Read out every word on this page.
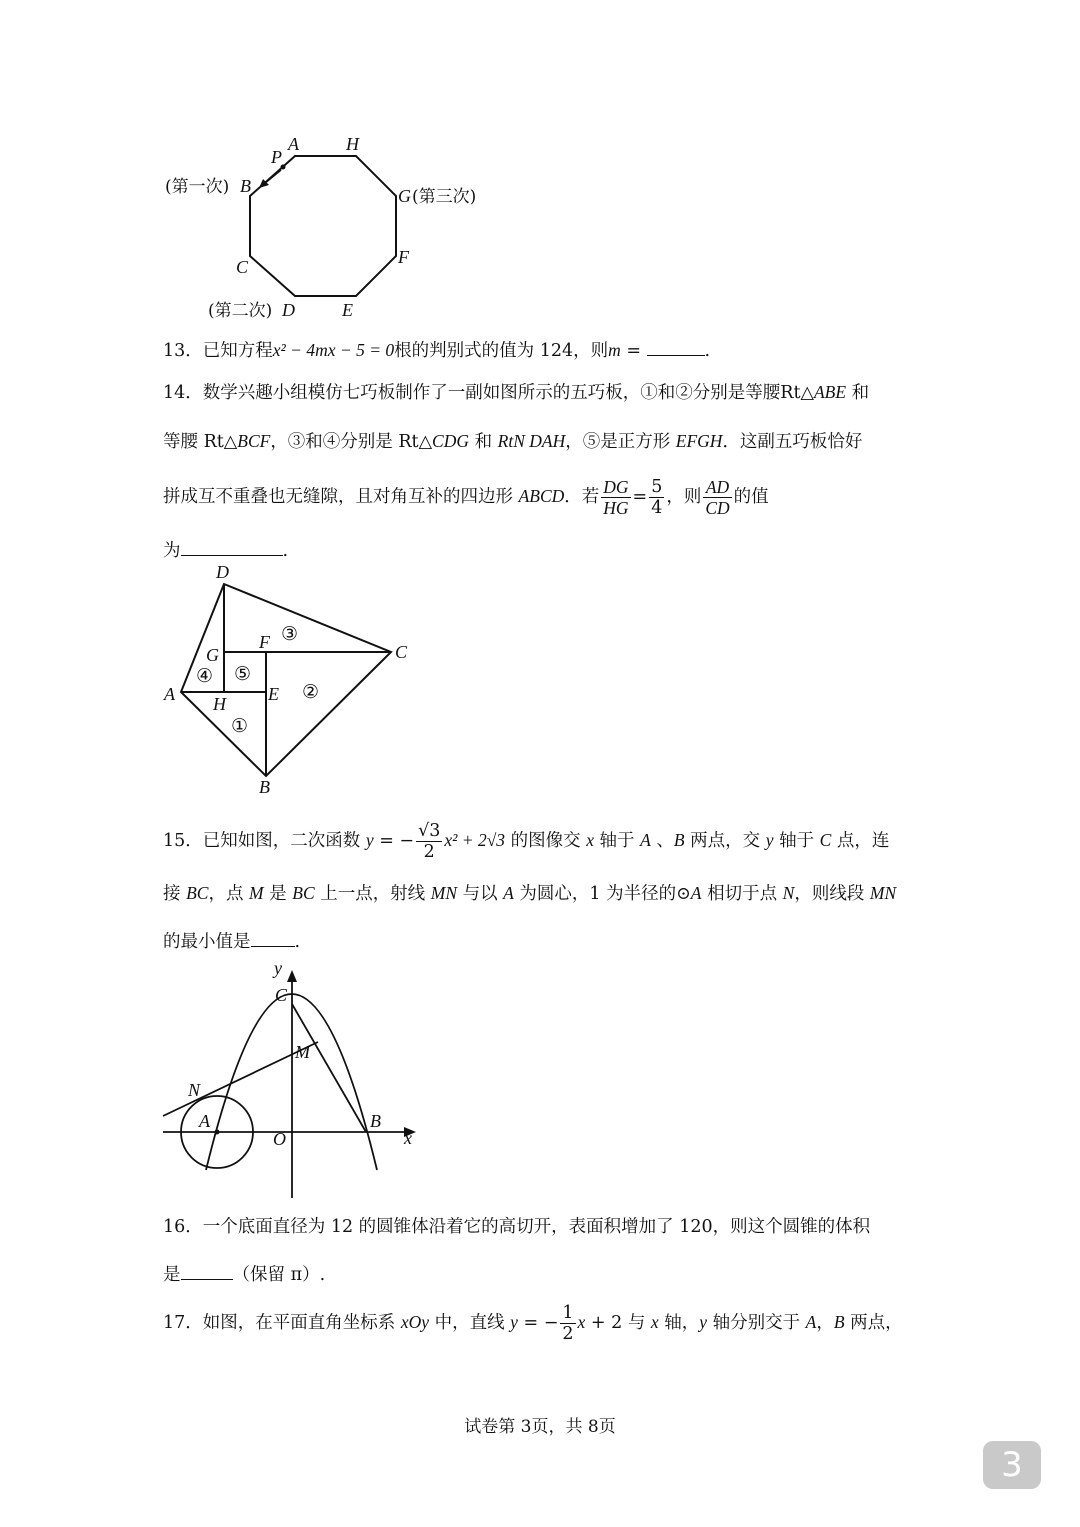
A	H
P
(第一次) B	G (第三次)
C	F
(第二次) D	E

13．已知方程x² − 4mx − 5 = 0根的判别式的值为 124，则m =	.

14．数学兴趣小组模仿七巧板制作了一副如图所示的五巧板，①和②分别是等腰Rt△ABE 和
等腰 Rt△BCF，③和④分别是 Rt△CDG 和 RtN DAH，⑤是正方形 EFGH．这副五巧板恰好
拼成互不重叠也无缝隙，且对角互补的四边形 ABCD．若 $\frac{DG}{HG} = \frac{5}{4}$ ，则 $\frac{AD}{CD}$ 的值
为	.
D
F ③
C
G
④ ⑤
A	E ②
H
①
B
15．已知如图，二次函数 y = − $\frac{√3}{2} x^2 + 2√3$ 的图像交 x 轴于 A 、B 两点，交 y 轴于 C 点，连
接 BC，点 M 是 BC 上一点，射线 MN 与以 A 为圆心，1 为半径的⊙A 相切于点 N，则线段 MN
的最小值是	.
y
C
M
N
A	B
O	x
16．一个底面直径为 12 的圆锥体沿着它的高切开，表面积增加了 120，则这个圆锥的体积
是	（保留 π）.
17．如图，在平面直角坐标系 xOy 中，直线 y = − $\frac{1}{2}$ x + 2 与 x 轴，y 轴分别交于 A，B 两点，

试卷第 3页，共 8页

3
